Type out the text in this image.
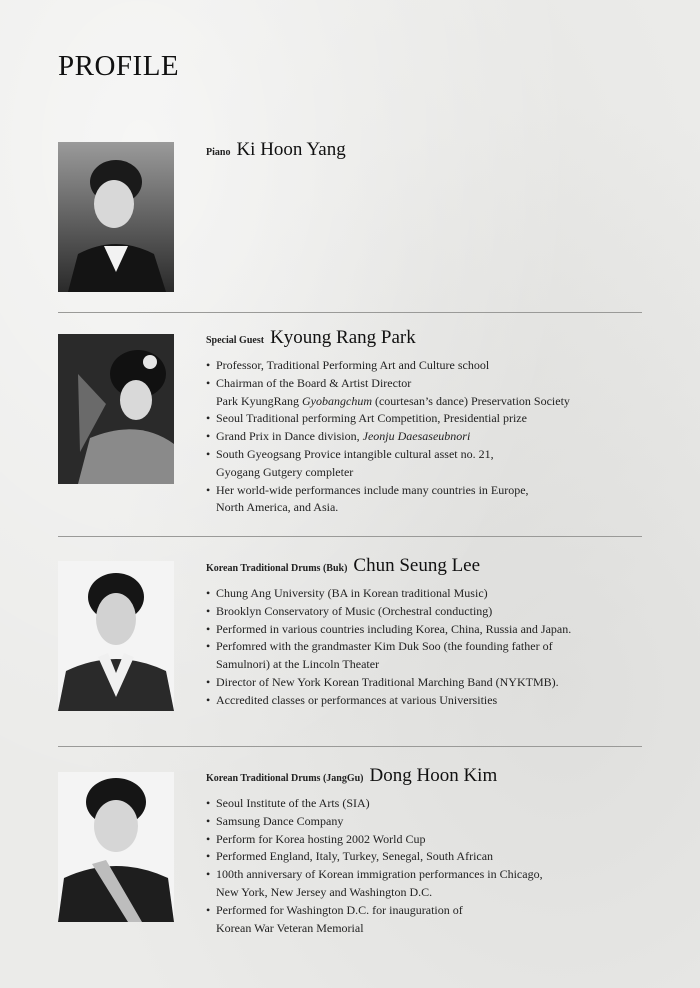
PROFILE
Piano Ki Hoon Yang
Special Guest Kyoung Rang Park
• Professor, Traditional Performing Art and Culture school
• Chairman of the Board & Artist Director
Park KyungRang Gyobangchum (courtesan’s dance) Preservation Society
• Seoul Traditional performing Art Competition, Presidential prize
• Grand Prix in Dance division, Jeonju Daesaseubnori
• South Gyeogsang Provice intangible cultural asset no. 21,
Gyogang Gutgery completer
• Her world-wide performances include many countries in Europe,
North America, and Asia.
Korean Traditional Drums (Buk) Chun Seung Lee
• Chung Ang University (BA in Korean traditional Music)
• Brooklyn Conservatory of Music (Orchestral conducting)
• Performed in various countries including Korea, China, Russia and Japan.
• Perfomred with the grandmaster Kim Duk Soo (the founding father of
Samulnori) at the Lincoln Theater
• Director of New York Korean Traditional Marching Band (NYKTMB).
• Accredited classes or performances at various Universities
Korean Traditional Drums (JangGu) Dong Hoon Kim
• Seoul Institute of the Arts (SIA)
• Samsung Dance Company
• Perform for Korea hosting 2002 World Cup
• Performed England, Italy, Turkey, Senegal, South African
• 100th anniversary of Korean immigration performances in Chicago,
New York, New Jersey and Washington D.C.
• Performed for Washington D.C. for inauguration of
Korean War Veteran Memorial
